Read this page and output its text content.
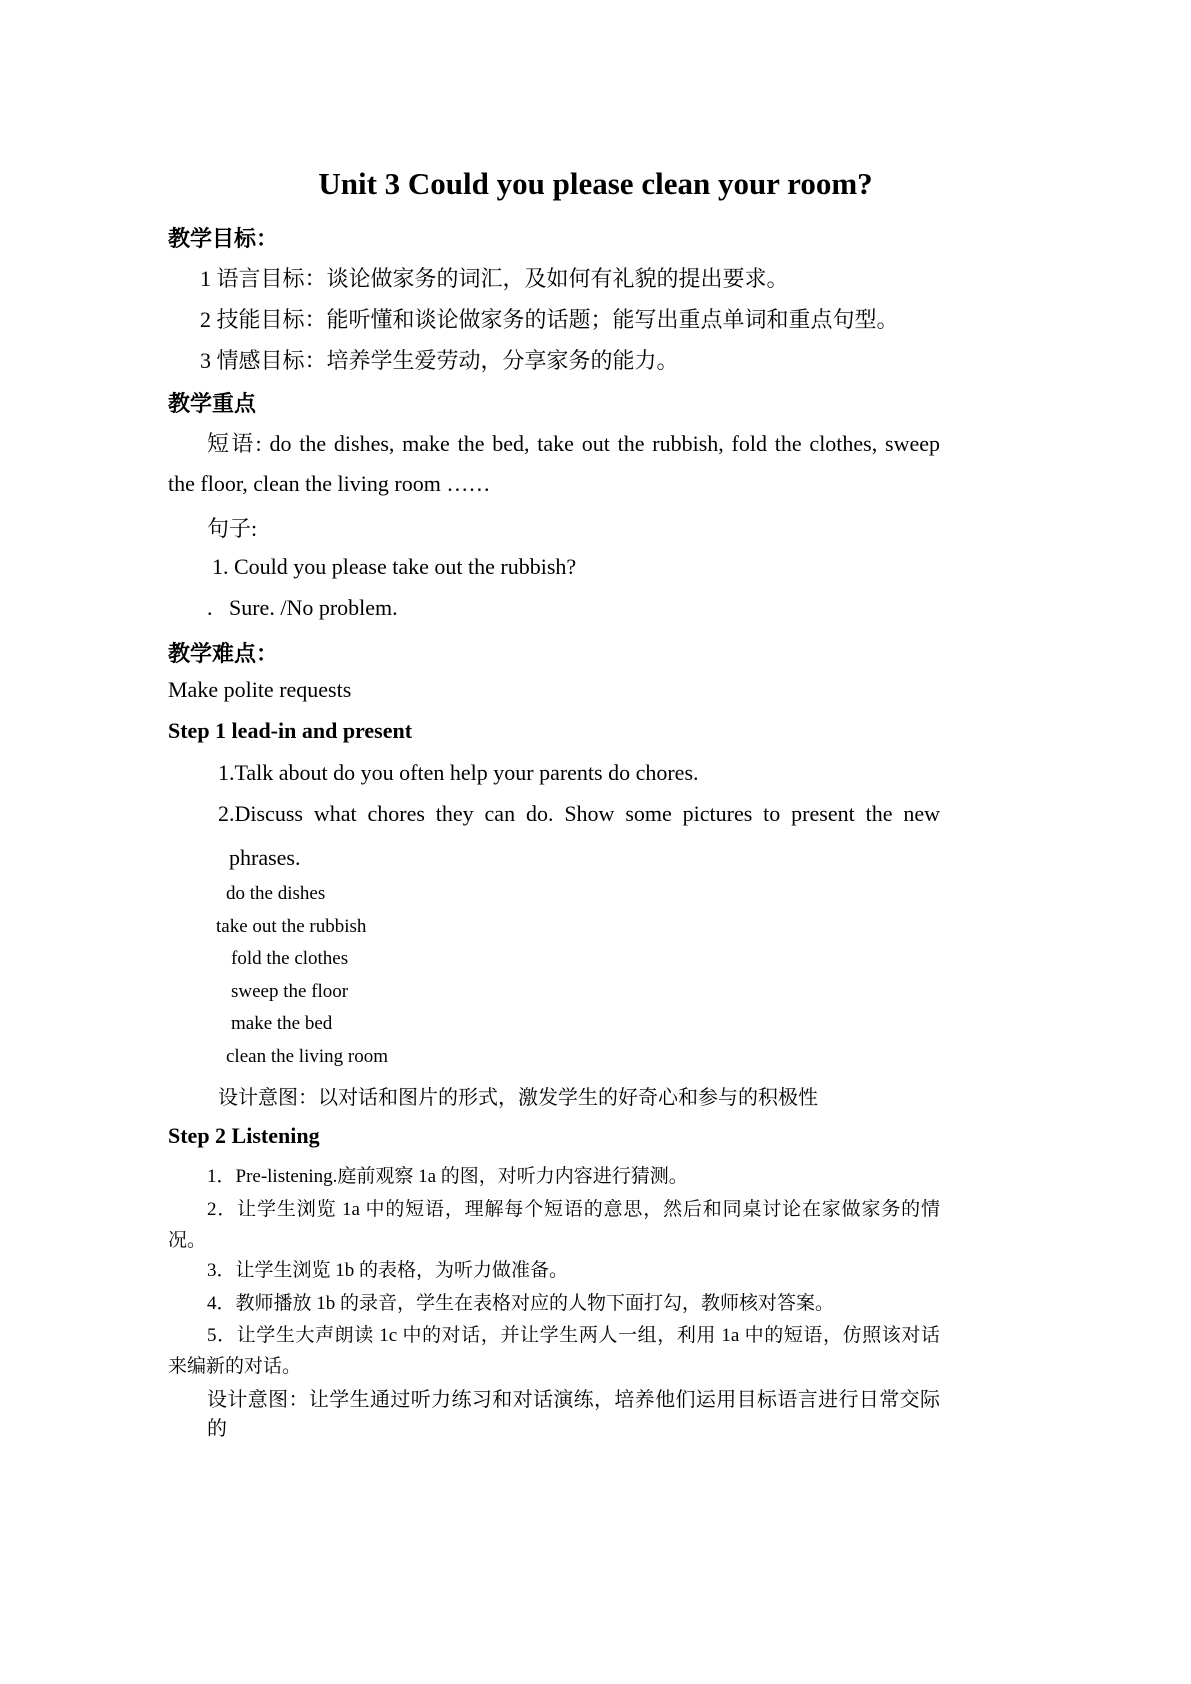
Unit 3 Could you please clean your room?
教学目标：
1 语言目标：谈论做家务的词汇，及如何有礼貌的提出要求。
2 技能目标：能听懂和谈论做家务的话题；能写出重点单词和重点句型。
3 情感目标：培养学生爱劳动，分享家务的能力。
教学重点
短语: do the dishes, make the bed, take out the rubbish, fold the clothes, sweep
the floor, clean the living room ……
句子:
1. Could you please take out the rubbish?
.   Sure. /No problem.
教学难点：
Make polite requests
Step 1 lead-in and present
1.Talk about do you often help your parents do chores.
2.Discuss what chores they can do. Show some pictures to present the new
phrases.
do the dishes
take out the rubbish
fold the clothes
sweep the floor
make the bed
clean the living room
设计意图：以对话和图片的形式，激发学生的好奇心和参与的积极性
Step 2 Listening
1．Pre-listening.庭前观察 1a 的图，对听力内容进行猜测。
2．让学生浏览 1a 中的短语，理解每个短语的意思，然后和同桌讨论在家做家务的情
况。
3．让学生浏览 1b 的表格，为听力做准备。
4．教师播放 1b 的录音，学生在表格对应的人物下面打勾，教师核对答案。
5．让学生大声朗读 1c 中的对话，并让学生两人一组，利用 1a 中的短语，仿照该对话
来编新的对话。
设计意图：让学生通过听力练习和对话演练，培养他们运用目标语言进行日常交际的
